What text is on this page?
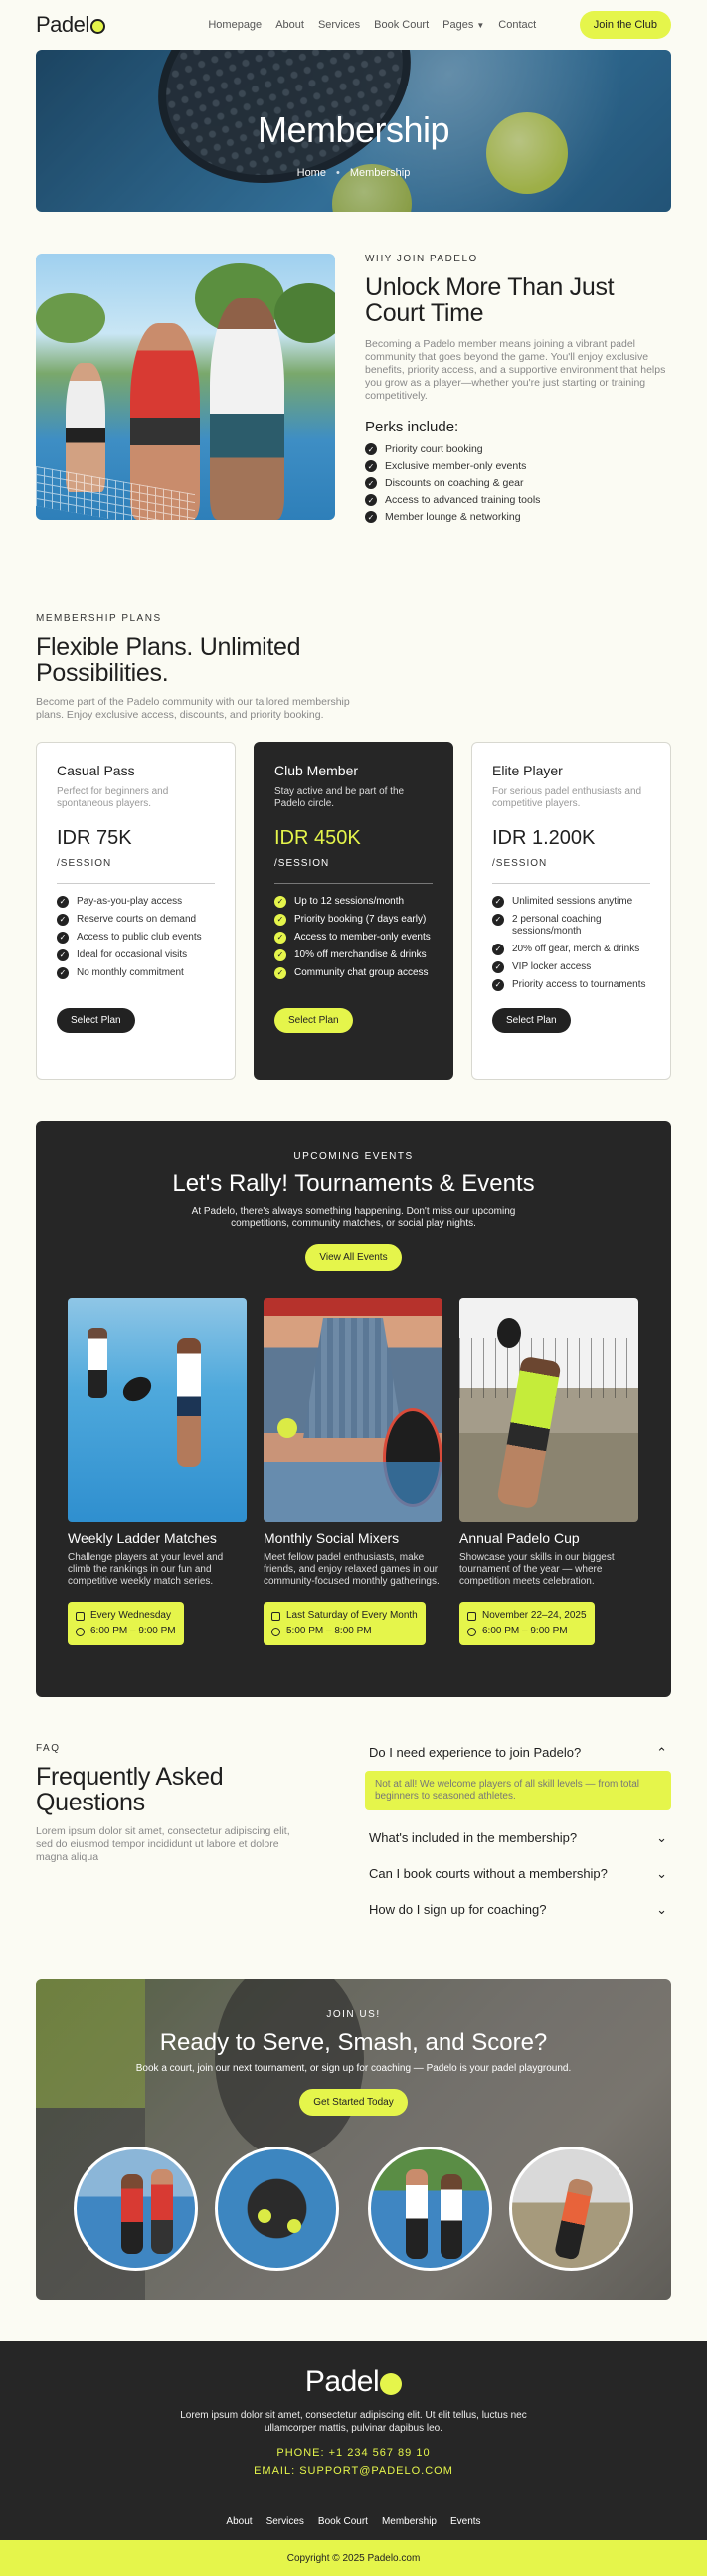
Padel	Homepage About Services Book Court Pages ▼ Contact	Join the Club
Membership
Home • Membership
WHY JOIN PADELO
Unlock More Than Just Court Time
Becoming a Padelo member means joining a vibrant padel community that goes beyond the game. You'll enjoy exclusive benefits, priority access, and a supportive environment that helps you grow as a player—whether you're just starting or training competitively.
Perks include:
✓ Priority court booking
✓ Exclusive member-only events
✓ Discounts on coaching & gear
✓ Access to advanced training tools
✓ Member lounge & networking
MEMBERSHIP PLANS
Flexible Plans. Unlimited Possibilities.
Become part of the Padelo community with our tailored membership plans. Enjoy exclusive access, discounts, and priority booking.
Casual Pass
Perfect for beginners and spontaneous players.
IDR 75K
/SESSION
✓ Pay-as-you-play access
✓ Reserve courts on demand
✓ Access to public club events
✓ Ideal for occasional visits
✓ No monthly commitment
Select Plan
Club Member
Stay active and be part of the Padelo circle.
IDR 450K
/SESSION
✓ Up to 12 sessions/month
✓ Priority booking (7 days early)
✓ Access to member-only events
✓ 10% off merchandise & drinks
✓ Community chat group access
Select Plan
Elite Player
For serious padel enthusiasts and competitive players.
IDR 1.200K
/SESSION
✓ Unlimited sessions anytime
✓ 2 personal coaching sessions/month
✓ 20% off gear, merch & drinks
✓ VIP locker access
✓ Priority access to tournaments
Select Plan
UPCOMING EVENTS
Let's Rally! Tournaments & Events

At Padelo, there's always something happening. Don't miss our upcoming competitions, community matches, or social play nights.

View All Events
Weekly Ladder Matches

Challenge players at your level and climb the rankings in our fun and competitive weekly match series.

Every Wednesday
6:00 PM – 9:00 PM
Monthly Social Mixers

Meet fellow padel enthusiasts, make friends, and enjoy relaxed games in our community-focused monthly gatherings.

Last Saturday of Every Month
5:00 PM – 8:00 PM
Annual Padelo Cup

Showcase your skills in our biggest tournament of the year — where competition meets celebration.

November 22–24, 2025
6:00 PM – 9:00 PM
FAQ
Frequently Asked Questions
Lorem ipsum dolor sit amet, consectetur adipiscing elit, sed do eiusmod tempor incididunt ut labore et dolore magna aliqua
Do I need experience to join Padelo?	⌃
Not at all! We welcome players of all skill levels — from total beginners to seasoned athletes.
What's included in the membership?	⌄
Can I book courts without a membership?	⌄
How do I sign up for coaching?	⌄
JOIN US!
Ready to Serve, Smash, and Score?
Book a court, join our next tournament, or sign up for coaching — Padelo is your padel playground.
Get Started Today
Padel

Lorem ipsum dolor sit amet, consectetur adipiscing elit. Ut elit tellus, luctus nec ullamcorper mattis, pulvinar dapibus leo.

PHONE: +1 234 567 89 10
EMAIL: SUPPORT@PADELO.COM
About Services Book Court Membership Events
Copyright © 2025 Padelo.com
